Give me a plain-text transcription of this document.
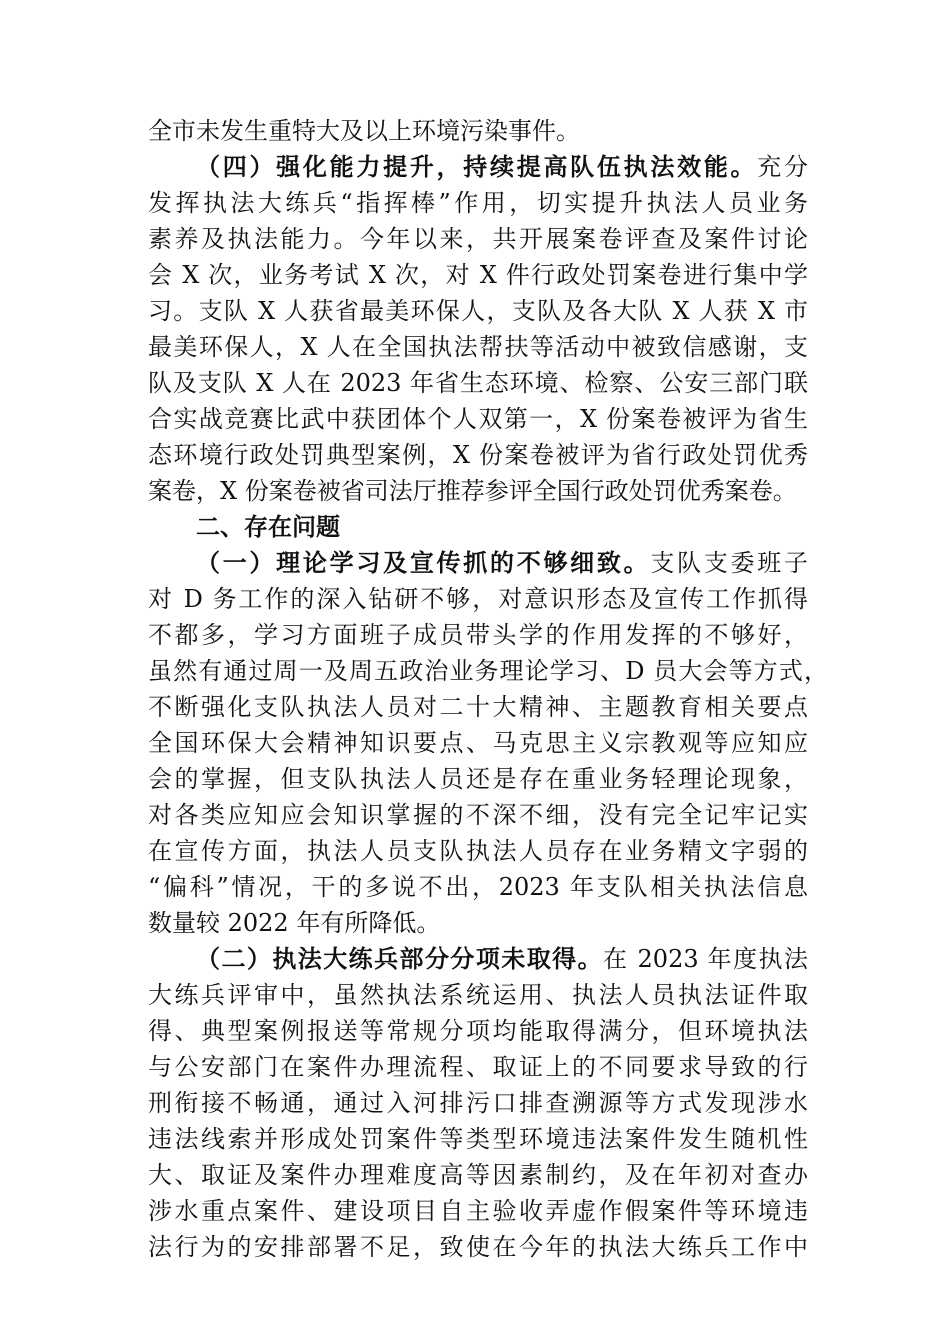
全市未发生重特大及以上环境污染事件。
（四）强化能力提升，持续提高队伍执法效能。充分
发挥执法大练兵“指挥棒”作用，切实提升执法人员业务
素养及执法能力。今年以来，共开展案卷评查及案件讨论
会 X 次，业务考试 X 次，对 X 件行政处罚案卷进行集中学
习。支队 X 人获省最美环保人，支队及各大队 X 人获 X 市
最美环保人，X 人在全国执法帮扶等活动中被致信感谢，支
队及支队 X 人在 2023 年省生态环境、检察、公安三部门联
合实战竞赛比武中获团体个人双第一，X 份案卷被评为省生
态环境行政处罚典型案例，X 份案卷被评为省行政处罚优秀
案卷，X 份案卷被省司法厅推荐参评全国行政处罚优秀案卷。
二、存在问题
（一）理论学习及宣传抓的不够细致。支队支委班子
对 D 务工作的深入钻研不够，对意识形态及宣传工作抓得
不都多，学习方面班子成员带头学的作用发挥的不够好，
虽然有通过周一及周五政治业务理论学习、D 员大会等方式，
不断强化支队执法人员对二十大精神、主题教育相关要点
全国环保大会精神知识要点、马克思主义宗教观等应知应
会的掌握，但支队执法人员还是存在重业务轻理论现象，
对各类应知应会知识掌握的不深不细，没有完全记牢记实
在宣传方面，执法人员支队执法人员存在业务精文字弱的
“偏科”情况，干的多说不出，2023 年支队相关执法信息
数量较 2022 年有所降低。
（二）执法大练兵部分分项未取得。在 2023 年度执法
大练兵评审中，虽然执法系统运用、执法人员执法证件取
得、典型案例报送等常规分项均能取得满分，但环境执法
与公安部门在案件办理流程、取证上的不同要求导致的行
刑衔接不畅通，通过入河排污口排查溯源等方式发现涉水
违法线索并形成处罚案件等类型环境违法案件发生随机性
大、取证及案件办理难度高等因素制约，及在年初对查办
涉水重点案件、建设项目自主验收弄虚作假案件等环境违
法行为的安排部署不足，致使在今年的执法大练兵工作中
